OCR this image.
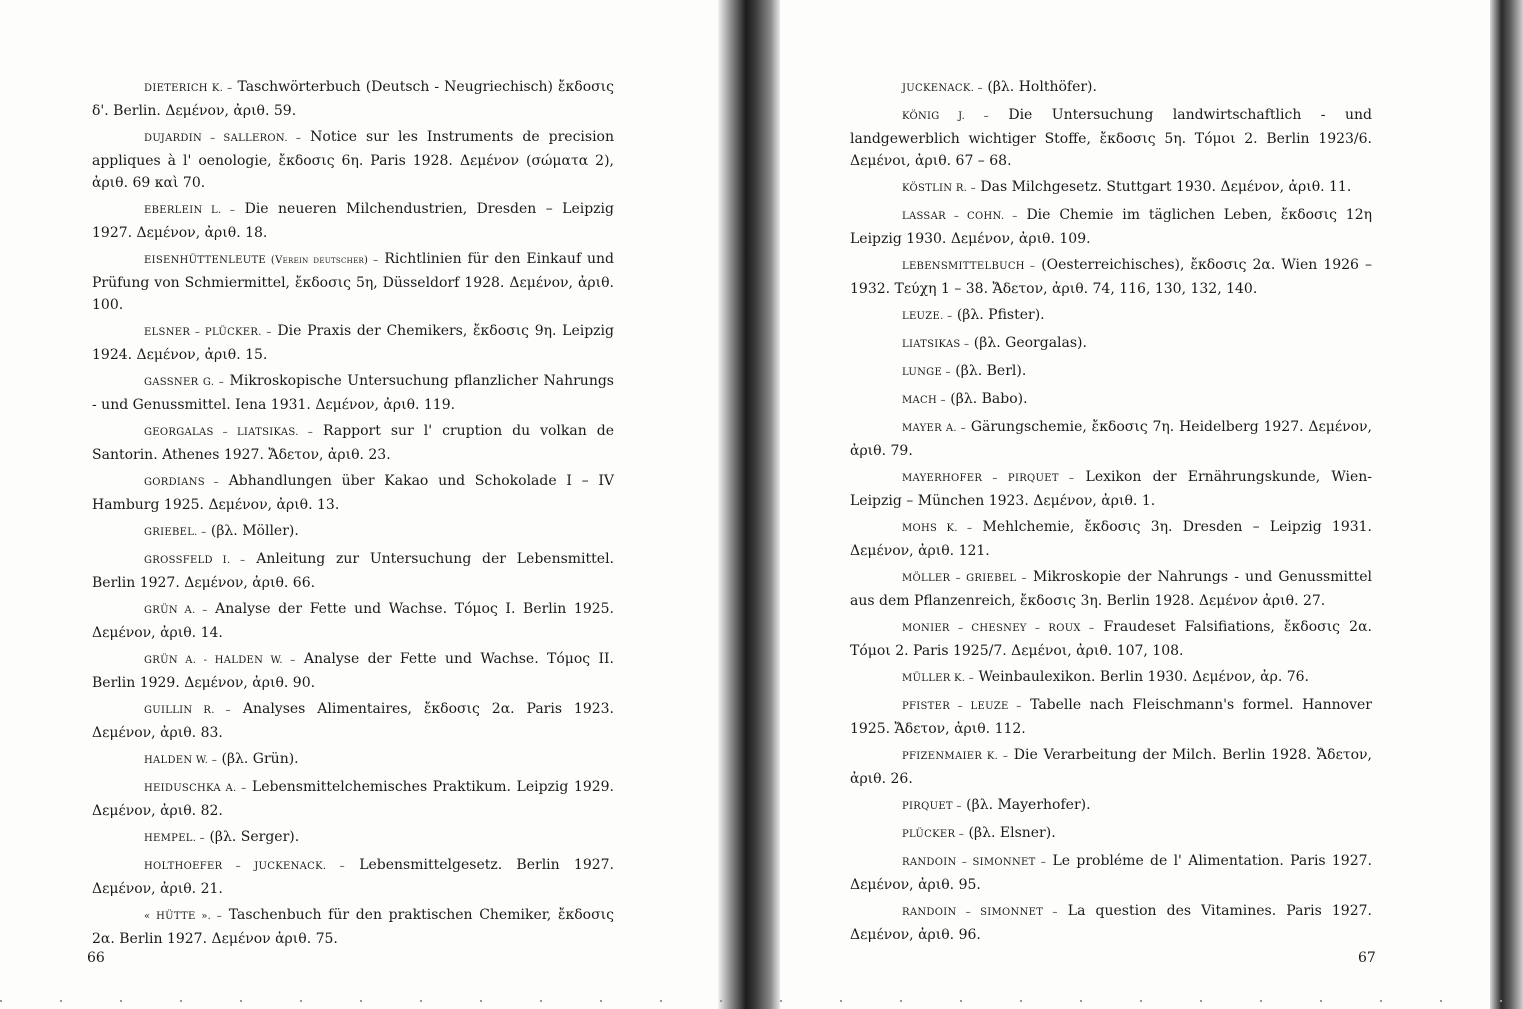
DIETERICH K. – Taschwörterbuch (Deutsch - Neugriechisch) ἔκδοσις δ'. Berlin. Δεμένον, ἀριθ. 59.
DUJARDIN – SALLERON. – Notice sur les Instruments de precision appliques à l' oenologie, ἔκδοσις 6η. Paris 1928. Δεμένον (σώματα 2), ἀριθ. 69 καὶ 70.
EBERLEIN L. – Die neueren Milchendustrien, Dresden – Leipzig 1927. Δεμένον, ἀριθ. 18.
EISENHÜTTENLEUTE (Verein deutscher) – Richtlinien für den Einkauf und Prüfung von Schmiermittel, ἔκδοσις 5η, Düsseldorf 1928. Δεμένον, ἀριθ. 100.
ELSNER – PLÜCKER. – Die Praxis der Chemikers, ἔκδοσις 9η. Leipzig 1924. Δεμένον, ἀριθ. 15.
GASSNER G. – Mikroskopische Untersuchung pflanzlicher Nahrungs - und Genussmittel. Iena 1931. Δεμένον, ἀριθ. 119.
GEORGALAS – LIATSIKAS. – Rapport sur l' cruption du volkan de Santorin. Athenes 1927. Ἄδετον, ἀριθ. 23.
GORDIANS – Abhandlungen über Kakao und Schokolade I – IV Hamburg 1925. Δεμένον, ἀριθ. 13.
GRIEBEL. – (βλ. Möller).
GROSSFELD I. – Anleitung zur Untersuchung der Lebensmittel. Berlin 1927. Δεμένον, ἀριθ. 66.
GRÜN A. – Analyse der Fette und Wachse. Τόμος I. Berlin 1925. Δεμένον, ἀριθ. 14.
GRÜN A. - HALDEN W. – Analyse der Fette und Wachse. Τόμος II. Berlin 1929. Δεμένον, ἀριθ. 90.
GUILLIN R. – Analyses Alimentaires, ἔκδοσις 2α. Paris 1923. Δεμένον, ἀριθ. 83.
HALDEN W. – (βλ. Grün).
HEIDUSCHKA A. – Lebensmittelchemisches Praktikum. Leipzig 1929. Δεμένον, ἀριθ. 82.
HEMPEL. – (βλ. Serger).
HOLTHOEFER – JUCKENACK. – Lebensmittelgesetz. Berlin 1927. Δεμένον, ἀριθ. 21.
« HÜTTE ». – Taschenbuch für den praktischen Chemiker, ἔκδοσις 2α. Berlin 1927. Δεμένον ἀριθ. 75.
66
JUCKENACK. – (βλ. Holthöfer).
KÖNIG J. – Die Untersuchung landwirtschaftlich - und landgewerblich wichtiger Stoffe, ἔκδοσις 5η. Τόμοι 2. Berlin 1923/6. Δεμένοι, ἀριθ. 67 – 68.
KÖSTLIN R. – Das Milchgesetz. Stuttgart 1930. Δεμένον, ἀριθ. 11.
LASSAR – COHN. – Die Chemie im täglichen Leben, ἔκδοσις 12η Leipzig 1930. Δεμένον, ἀριθ. 109.
LEBENSMITTELBUCH – (Oesterreichisches), ἔκδοσις 2α. Wien 1926 – 1932. Τεύχη 1 – 38. Ἄδετον, ἀριθ. 74, 116, 130, 132, 140.
LEUZE. – (βλ. Pfister).
LIATSIKAS – (βλ. Georgalas).
LUNGE – (βλ. Berl).
MACH – (βλ. Babo).
MAYER A. – Gärungschemie, ἔκδοσις 7η. Heidelberg 1927. Δεμένον, ἀριθ. 79.
MAYERHOFER – PIRQUET – Lexikon der Ernährungskunde, Wien-Leipzig – München 1923. Δεμένον, ἀριθ. 1.
MOHS K. – Mehlchemie, ἔκδοσις 3η. Dresden – Leipzig 1931. Δεμένον, ἀριθ. 121.
MÖLLER – GRIEBEL – Mikroskopie der Nahrungs - und Genussmittel aus dem Pflanzenreich, ἔκδοσις 3η. Berlin 1928. Δεμένον ἀριθ. 27.
MONIER – CHESNEY – ROUX – Fraudeset Falsifiations, ἔκδοσις 2α. Τόμοι 2. Paris 1925/7. Δεμένοι, ἀριθ. 107, 108.
MÜLLER K. – Weinbaulexikon. Berlin 1930. Δεμένον, ἀρ. 76.
PFISTER – LEUZE – Tabelle nach Fleischmann's formel. Hannover 1925. Ἄδετον, ἀριθ. 112.
PFIZENMAIER K. – Die Verarbeitung der Milch. Berlin 1928. Ἄδετον, ἀριθ. 26.
PIRQUET – (βλ. Mayerhofer).
PLÜCKER – (βλ. Elsner).
RANDOIN – SIMONNET – Le probléme de l' Alimentation. Paris 1927. Δεμένον, ἀριθ. 95.
RANDOIN – SIMONNET – La question des Vitamines. Paris 1927. Δεμένον, ἀριθ. 96.
67
